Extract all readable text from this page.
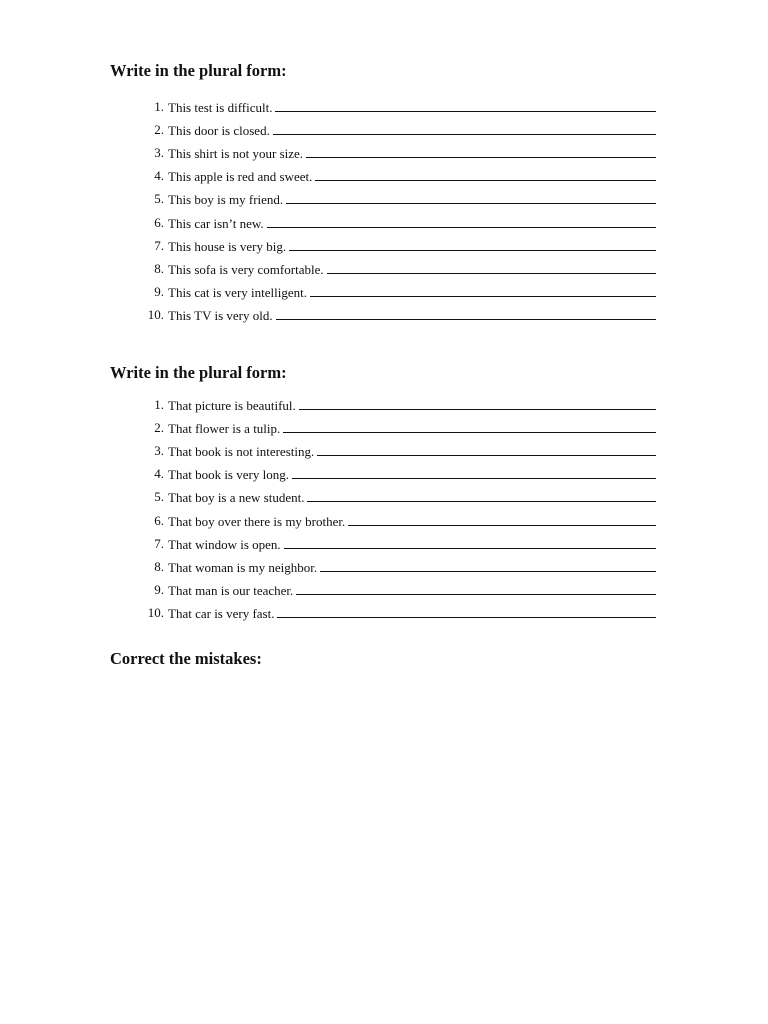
Write in the plural form:
1. This test is difficult.
2. This door is closed.
3. This shirt is not your size.
4. This apple is red and sweet.
5. This boy is my friend.
6. This car isn’t new.
7. This house is very big.
8. This sofa is very comfortable.
9. This cat is very intelligent.
10. This TV is very old.
Write in the plural form:
1. That picture is beautiful.
2. That flower is a tulip.
3. That book is not interesting.
4. That book is very long.
5. That boy is a new student.
6. That boy over there is my brother.
7. That window is open.
8. That woman is my neighbor.
9. That man is our teacher.
10. That car is very fast.
Correct the mistakes:
